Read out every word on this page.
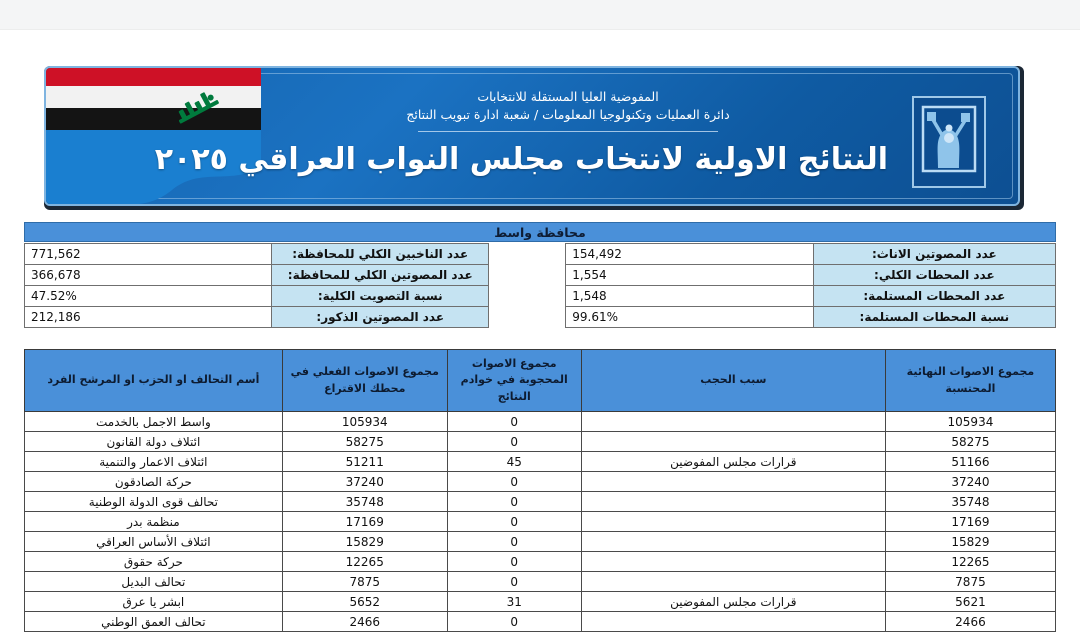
المفوضية العليا المستقلة للانتخابات
دائرة العمليات وتكنولوجيا المعلومات / شعبة ادارة تبويب النتائج
النتائج الاولية لانتخاب مجلس النواب العراقي ٢٠٢٥
محافظة واسط
عدد المصوتين الاناث:	154,492		عدد الناخبين الكلي للمحافظة:	771,562
عدد المحطات الكلي:	1,554		عدد المصوتين الكلي للمحافظة:	366,678
عدد المحطات المستلمة:	1,548		نسبة التصويت الكلية:	47.52%
نسبة المحطات المستلمة:	99.61%		عدد المصوتين الذكور:	212,186
مجموع الاصوات النهائية المحتسبة	سبب الحجب	مجموع الاصوات المحجوبة في خوادم النتائج	مجموع الاصوات الفعلي في محطك الاقتراع	أسم التحالف او الحزب او المرشح الفرد
105934		0	105934	واسط الاجمل بالخدمت
58275		0	58275	ائتلاف دولة القانون
51166	قرارات مجلس المفوضين	45	51211	ائتلاف الاعمار والتنمية
37240		0	37240	حركة الصادقون
35748		0	35748	تحالف قوى الدولة الوطنية
17169		0	17169	منظمة بدر
15829		0	15829	ائتلاف الأساس العراقي
12265		0	12265	حركة حقوق
7875		0	7875	تحالف البديل
5621	قرارات مجلس المفوضين	31	5652	ابشر يا عرق
2466		0	2466	تحالف العمق الوطني
